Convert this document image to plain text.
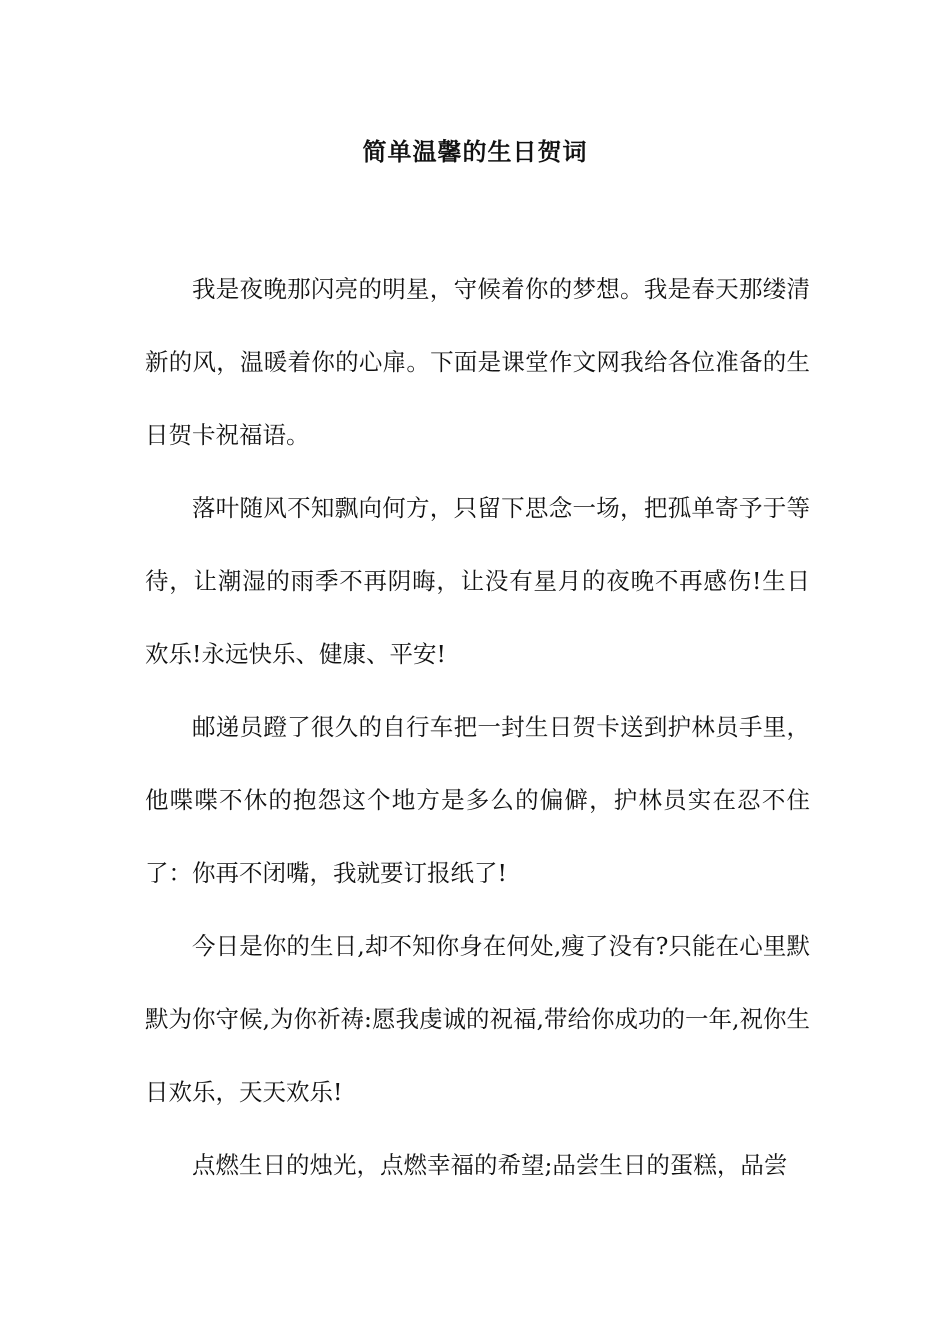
简单温馨的生日贺词

我是夜晚那闪亮的明星，守候着你的梦想。我是春天那缕清新的风，温暖着你的心扉。下面是课堂作文网我给各位准备的生日贺卡祝福语。

落叶随风不知飘向何方，只留下思念一场，把孤单寄予于等待，让潮湿的雨季不再阴晦，让没有星月的夜晚不再感伤!生日欢乐!永远快乐、健康、平安!

邮递员蹬了很久的自行车把一封生日贺卡送到护林员手里，他喋喋不休的抱怨这个地方是多么的偏僻，护林员实在忍不住了：你再不闭嘴，我就要订报纸了!

今日是你的生日,却不知你身在何处,瘦了没有?只能在心里默默为你守候,为你祈祷:愿我虔诚的祝福,带给你成功的一年,祝你生日欢乐，天天欢乐!

点燃生日的烛光，点燃幸福的希望;品尝生日的蛋糕，品尝
